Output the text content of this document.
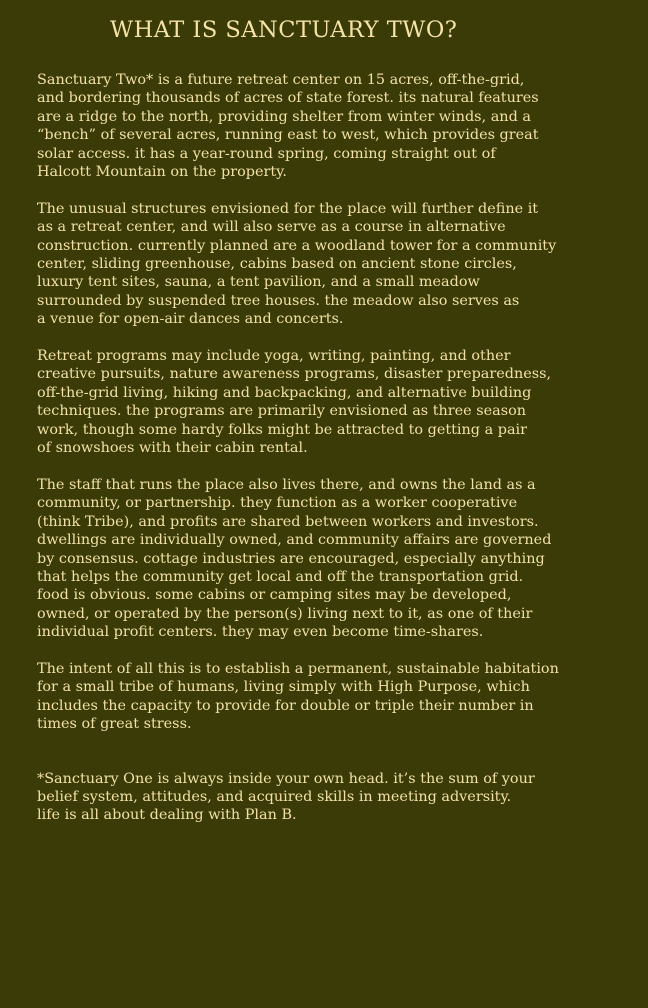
WHAT IS SANCTUARY TWO?

Sanctuary Two* is a future retreat center on 15 acres, off-the-grid,
and bordering thousands of acres of state forest. its natural features
are a ridge to the north, providing shelter from winter winds, and a
“bench” of several acres, running east to west, which provides great
solar access. it has a year-round spring, coming straight out of
Halcott Mountain on the property.

The unusual structures envisioned for the place will further define it
as a retreat center, and will also serve as a course in alternative
construction. currently planned are a woodland tower for a community
center, sliding greenhouse, cabins based on ancient stone circles,
luxury tent sites, sauna, a tent pavilion, and a small meadow
surrounded by suspended tree houses. the meadow also serves as
a venue for open-air dances and concerts.

Retreat programs may include yoga, writing, painting, and other
creative pursuits, nature awareness programs, disaster preparedness,
off-the-grid living, hiking and backpacking, and alternative building
techniques. the programs are primarily envisioned as three season
work, though some hardy folks might be attracted to getting a pair
of snowshoes with their cabin rental.

The staff that runs the place also lives there, and owns the land as a
community, or partnership. they function as a worker cooperative
(think Tribe), and profits are shared between workers and investors.
dwellings are individually owned, and community affairs are governed
by consensus. cottage industries are encouraged, especially anything
that helps the community get local and off the transportation grid.
food is obvious. some cabins or camping sites may be developed,
owned, or operated by the person(s) living next to it, as one of their
individual profit centers. they may even become time-shares.

The intent of all this is to establish a permanent, sustainable habitation
for a small tribe of humans, living simply with High Purpose, which
includes the capacity to provide for double or triple their number in
times of great stress.

*Sanctuary One is always inside your own head. it’s the sum of your
belief system, attitudes, and acquired skills in meeting adversity.
life is all about dealing with Plan B.
